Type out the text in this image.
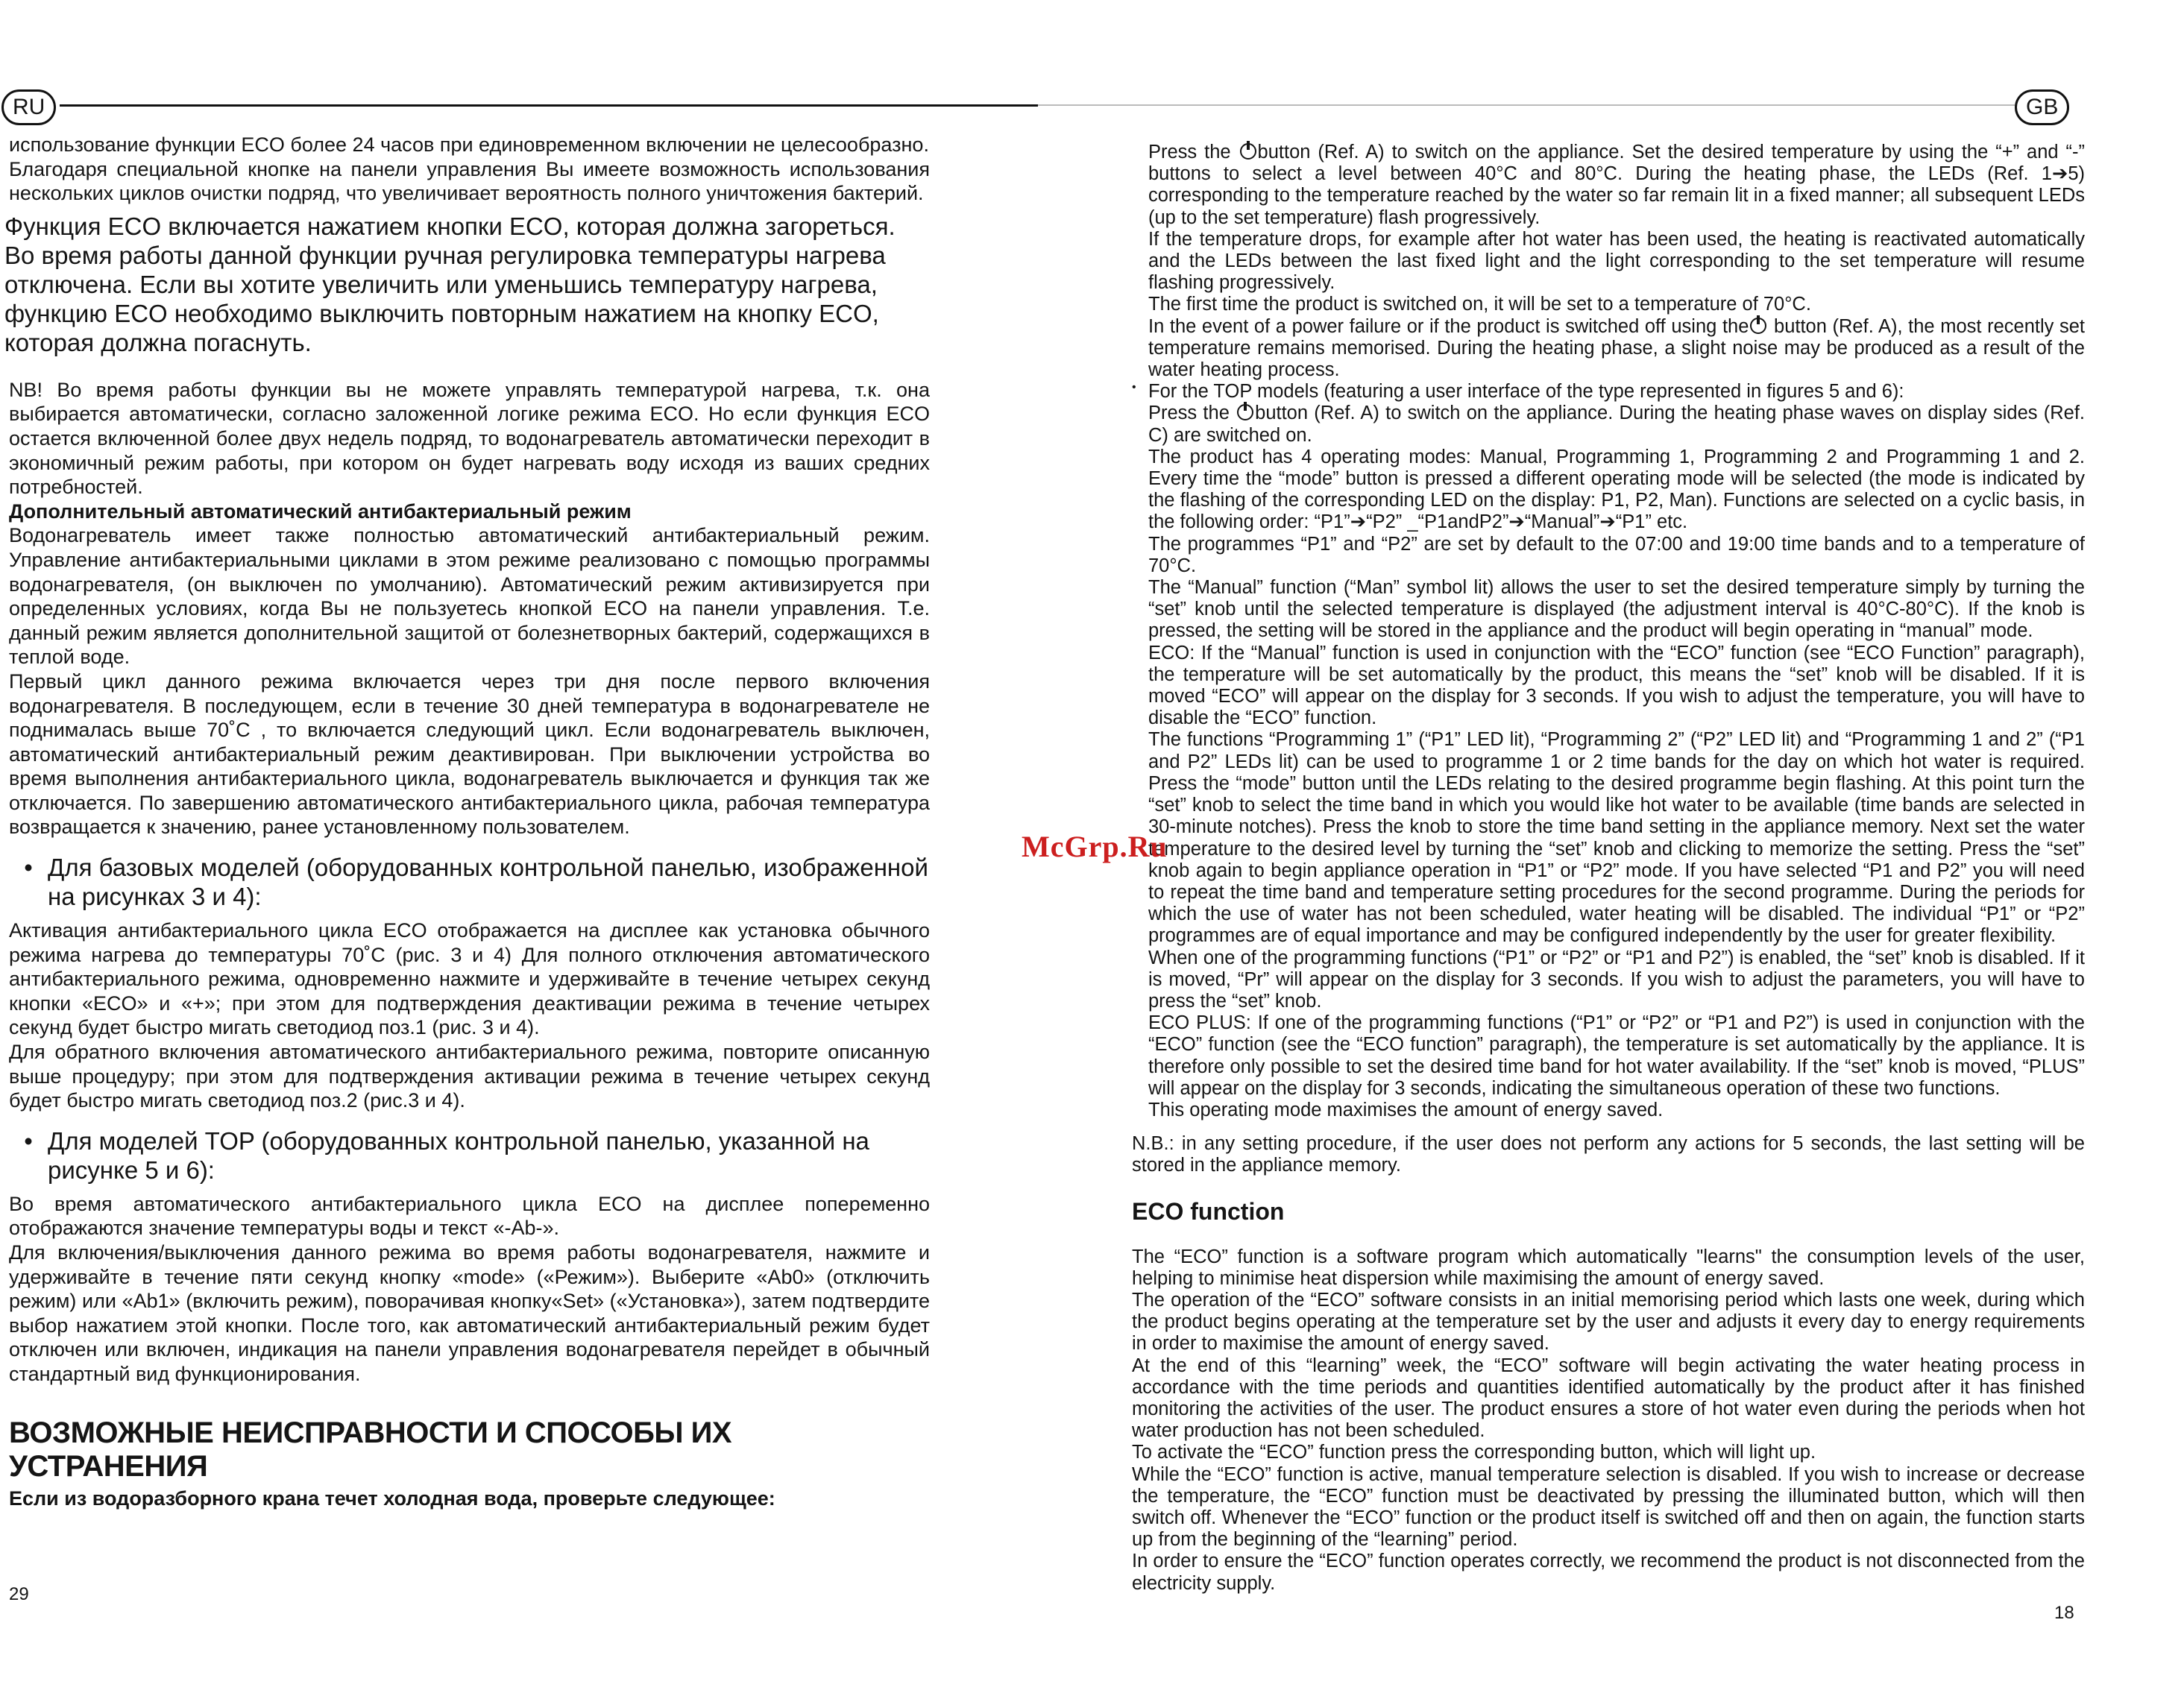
RU	GB

использование функции ECO более 24 часов при единовременном включении не целесообразно.

Благодаря специальной кнопке на панели управления Вы имеете возможность использования нескольких циклов очистки подряд, что увеличивает вероятность полного уничтожения бактерий.

Функция ECO включается нажатием кнопки ECO, которая должна загореться. Во время работы данной функции ручная регулировка температуры нагрева отключена. Если вы хотите увеличить или уменьшись температуру нагрева, функцию ECO необходимо выключить повторным нажатием на кнопку ECO, которая должна погаснуть.

NB! Во время работы функции вы не можете управлять температурой нагрева, т.к. она выбирается автоматически, согласно заложенной логике режима ECO. Но если функция ECO остается включенной более двух недель подряд, то водонагреватель автоматически переходит в экономичный режим работы, при котором он будет нагревать воду исходя из ваших средних потребностей.

Дополнительный автоматический антибактериальный режим

Водонагреватель имеет также полностью автоматический антибактериальный режим. Управление антибактериальными циклами в этом режиме реализовано с помощью программы водонагревателя, (он выключен по умолчанию). Автоматический режим активизируется при определенных условиях, когда Вы не пользуетесь кнопкой ECO на панели управления. Т.е. данный режим является дополнительной защитой от болезнетворных бактерий, содержащихся в теплой воде.

Первый цикл данного режима включается через три дня после первого включения водонагревателя. В последующем, если в течение 30 дней температура в водонагревателе не поднималась выше 70˚C , то включается следующий цикл. Если водонагреватель выключен, автоматический антибактериальный режим деактивирован. При выключении устройства во время выполнения антибактериального цикла, водонагреватель выключается и функция так же отключается. По завершению автоматического антибактериального цикла, рабочая температура возвращается к значению, ранее установленному пользователем.

• Для базовых моделей (оборудованных контрольной панелью, изображенной на рисунках 3 и 4):

Активация антибактериального цикла ECO отображается на дисплее как установка обычного режима нагрева до температуры 70˚C (рис. 3 и 4) Для полного отключения автоматического антибактериального режима, одновременно нажмите и удерживайте в течение четырех секунд кнопки «ECO» и «+»; при этом для подтверждения деактивации режима в течение четырех секунд будет быстро мигать светодиод поз.1 (рис. 3 и 4).

Для обратного включения автоматического антибактериального режима, повторите описанную выше процедуру; при этом для подтверждения активации режима в течение четырех секунд будет быстро мигать светодиод поз.2 (рис.3 и 4).

• Для моделей TOP (оборудованных контрольной панелью, указанной на рисунке 5 и 6):

Во время автоматического антибактериального цикла ECO на дисплее попеременно отображаются значение температуры воды и текст «-Ab-».

Для включения/выключения данного режима во время работы водонагревателя, нажмите и удерживайте в течение пяти секунд кнопку «mode» («Режим»). Выберите «Ab0» (отключить режим) или «Ab1» (включить режим), поворачивая кнопку«Set» («Установка»), затем подтвердите выбор нажатием этой кнопки. После того, как автоматический антибактериальный режим будет отключен или включен, индикация на панели управления водонагревателя перейдет в обычный стандартный вид функционирования.

ВОЗМОЖНЫЕ НЕИСПРАВНОСТИ И СПОСОБЫ ИХ УСТРАНЕНИЯ

Если из водоразборного крана течет холодная вода, проверьте следующее:

29

Press the button (Ref. A) to switch on the appliance. Set the desired temperature by using the “+” and “-” buttons to select a level between 40°C and 80°C. During the heating phase, the LEDs (Ref. 1➔5) corresponding to the temperature reached by the water so far remain lit in a fixed manner; all subsequent LEDs (up to the set temperature) flash progressively.

If the temperature drops, for example after hot water has been used, the heating is reactivated automatically and the LEDs between the last fixed light and the light corresponding to the set temperature will resume flashing progressively.

The first time the product is switched on, it will be set to a temperature of 70°C.

In the event of a power failure or if the product is switched off using the button (Ref. A), the most recently set temperature remains memorised. During the heating phase, a slight noise may be produced as a result of the water heating process.

• For the TOP models (featuring a user interface of the type represented in figures 5 and 6):

Press the button (Ref. A) to switch on the appliance. During the heating phase waves on display sides (Ref. C) are switched on.

The product has 4 operating modes: Manual, Programming 1, Programming 2 and Programming 1 and 2. Every time the “mode” button is pressed a different operating mode will be selected (the mode is indicated by the flashing of the corresponding LED on the display: P1, P2, Man). Functions are selected on a cyclic basis, in the following order: “P1”➔“P2” _“P1andP2”➔“Manual”➔“P1” etc.

The programmes “P1” and “P2” are set by default to the 07:00 and 19:00 time bands and to a temperature of 70°C.

The “Manual” function (“Man” symbol lit) allows the user to set the desired temperature simply by turning the “set” knob until the selected temperature is displayed (the adjustment interval is 40°C-80°C). If the knob is pressed, the setting will be stored in the appliance and the product will begin operating in “manual” mode.

ECO: If the “Manual” function is used in conjunction with the “ECO” function (see “ECO Function” paragraph), the temperature will be set automatically by the product, this means the “set” knob will be disabled. If it is moved “ECO” will appear on the display for 3 seconds. If you wish to adjust the temperature, you will have to disable the “ECO” function.

The functions “Programming 1” (“P1” LED lit), “Programming 2” (“P2” LED lit) and “Programming 1 and 2” (“P1 and P2” LEDs lit) can be used to programme 1 or 2 time bands for the day on which hot water is required. Press the “mode” button until the LEDs relating to the desired programme begin flashing. At this point turn the “set” knob to select the time band in which you would like hot water to be available (time bands are selected in 30-minute notches). Press the knob to store the time band setting in the appliance memory. Next set the water temperature to the desired level by turning the “set” knob and clicking to memorize the setting. Press the “set” knob again to begin appliance operation in “P1” or “P2” mode. If you have selected “P1 and P2” you will need to repeat the time band and temperature setting procedures for the second programme. During the periods for which the use of water has not been scheduled, water heating will be disabled. The individual “P1” or “P2” programmes are of equal importance and may be configured independently by the user for greater flexibility.

When one of the programming functions (“P1” or “P2” or “P1 and P2”) is enabled, the “set” knob is disabled. If it is moved, “Pr” will appear on the display for 3 seconds. If you wish to adjust the parameters, you will have to press the “set” knob.

ECO PLUS: If one of the programming functions (“P1” or “P2” or “P1 and P2”) is used in conjunction with the “ECO” function (see the “ECO function” paragraph), the temperature is set automatically by the appliance. It is therefore only possible to set the desired time band for hot water availability. If the “set” knob is moved, “PLUS” will appear on the display for 3 seconds, indicating the simultaneous operation of these two functions.

This operating mode maximises the amount of energy saved.

N.B.: in any setting procedure, if the user does not perform any actions for 5 seconds, the last setting will be stored in the appliance memory.

ECO function

The “ECO” function is a software program which automatically "learns" the consumption levels of the user, helping to minimise heat dispersion while maximising the amount of energy saved.

The operation of the “ECO” software consists in an initial memorising period which lasts one week, during which the product begins operating at the temperature set by the user and adjusts it every day to energy requirements in order to maximise the amount of energy saved.

At the end of this “learning” week, the “ECO” software will begin activating the water heating process in accordance with the time periods and quantities identified automatically by the product after it has finished monitoring the activities of the user. The product ensures a store of hot water even during the periods when hot water production has not been scheduled.

To activate the “ECO” function press the corresponding button, which will light up.

While the “ECO” function is active, manual temperature selection is disabled. If you wish to increase or decrease the temperature, the “ECO” function must be deactivated by pressing the illuminated button, which will then switch off. Whenever the “ECO” function or the product itself is switched off and then on again, the function starts up from the beginning of the “learning” period.

In order to ensure the “ECO” function operates correctly, we recommend the product is not disconnected from the electricity supply.

18
McGrp.Ru
